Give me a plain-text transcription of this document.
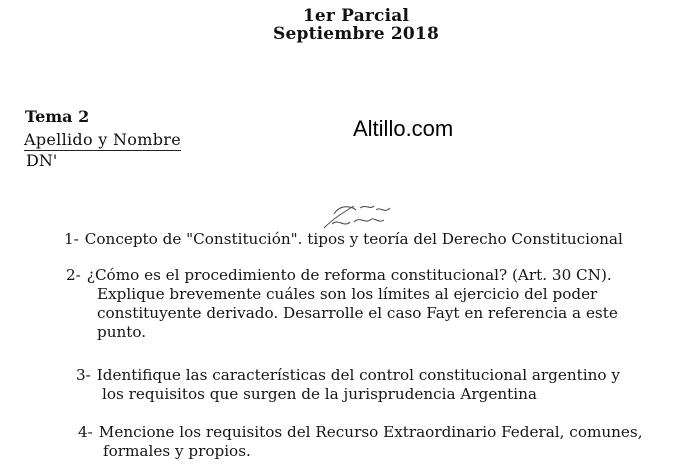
1er Parcial
Septiembre 2018
Tema 2
Apellido y Nombre
DN'
Altillo.com
1- Concepto de "Constitución". tipos y teoría del Derecho Constitucional
2- ¿Cómo es el procedimiento de reforma constitucional? (Art. 30 CN).
Explique brevemente cuáles son los límites al ejercicio del poder
constituyente derivado. Desarrolle el caso Fayt en referencia a este
punto.
3- Identifique las características del control constitucional argentino y
los requisitos que surgen de la jurisprudencia Argentina
4- Mencione los requisitos del Recurso Extraordinario Federal, comunes,
formales y propios.
